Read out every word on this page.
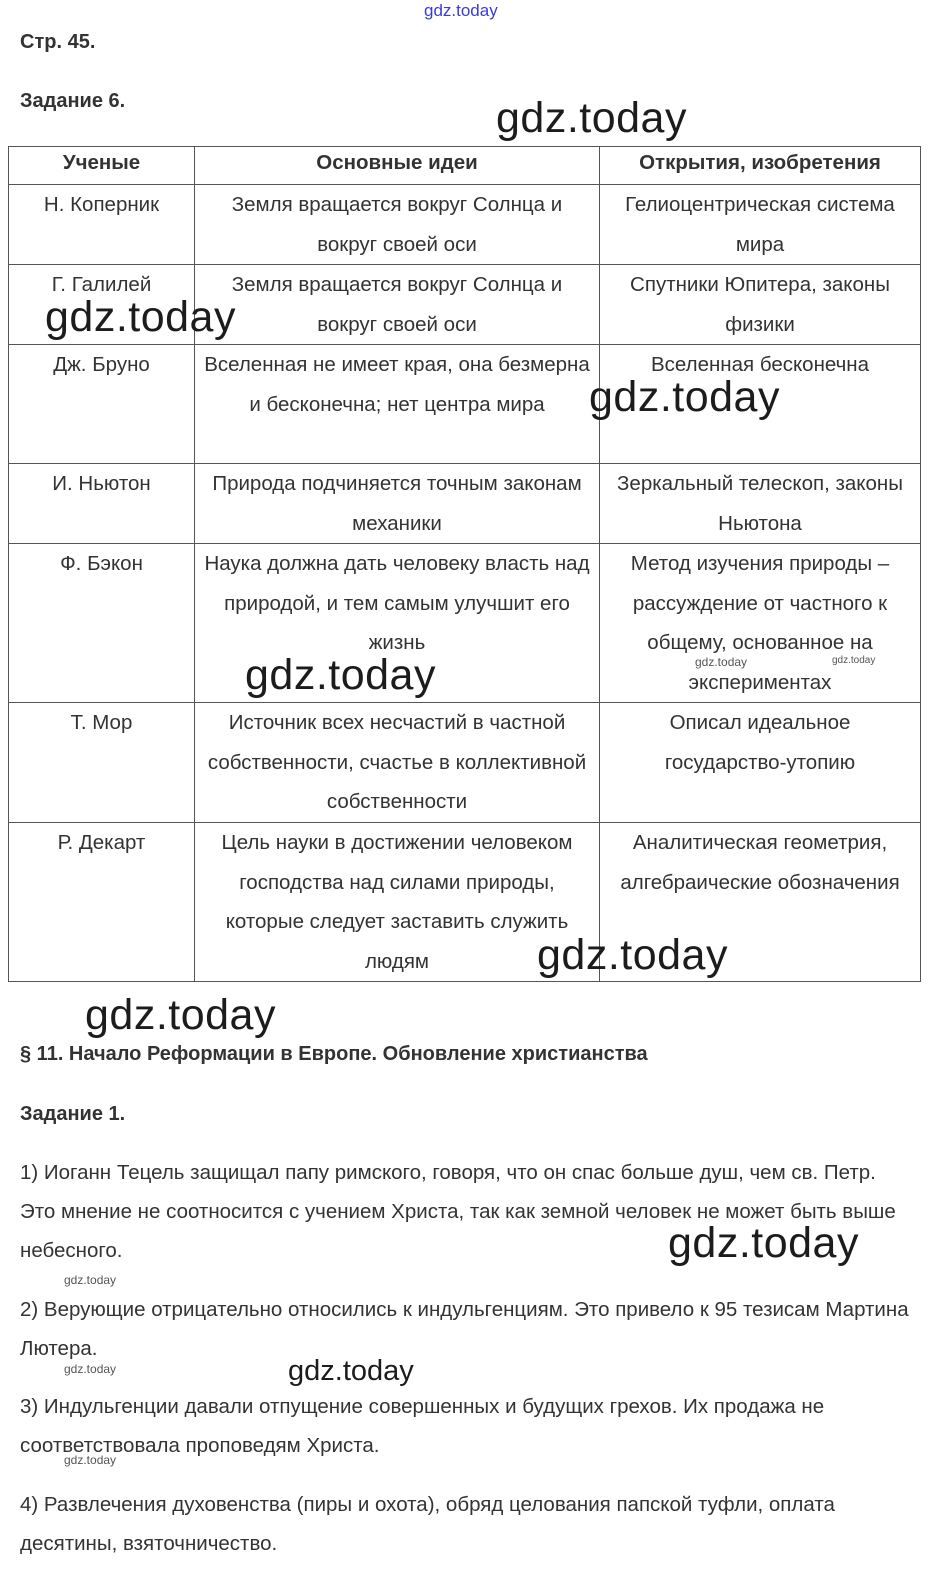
gdz.today
Стр. 45.
Задание 6.
Ученые	Основные идеи	Открытия, изобретения
Н. Коперник	Земля вращается вокруг Солнца и вокруг своей оси	Гелиоцентрическая система мира
Г. Галилей	Земля вращается вокруг Солнца и вокруг своей оси	Спутники Юпитера, законы физики
Дж. Бруно	Вселенная не имеет края, она безмерна и бесконечна; нет центра мира	Вселенная бесконечна
И. Ньютон	Природа подчиняется точным законам механики	Зеркальный телескоп, законы Ньютона
Ф. Бэкон	Наука должна дать человеку власть над природой, и тем самым улучшит его жизнь	Метод изучения природы – рассуждение от частного к общему, основанное на экспериментах
Т. Мор	Источник всех несчастий в частной собственности, счастье в коллективной собственности	Описал идеальное государство-утопию
Р. Декарт	Цель науки в достижении человеком господства над силами природы, которые следует заставить служить людям	Аналитическая геометрия, алгебраические обозначения
§ 11. Начало Реформации в Европе. Обновление христианства
Задание 1.
1) Иоганн Тецель защищал папу римского, говоря, что он спас больше душ, чем св. Петр. Это мнение не соотносится с учением Христа, так как земной человек не может быть выше небесного.
2) Верующие отрицательно относились к индульгенциям. Это привело к 95 тезисам Мартина Лютера.
3) Индульгенции давали отпущение совершенных и будущих грехов. Их продажа не соответствовала проповедям Христа.
4) Развлечения духовенства (пиры и охота), обряд целования папской туфли, оплата десятины, взяточничество.
gdz.today
gdz.today
gdz.today
gdz.today
gdz.today
gdz.today
gdz.today
gdz.today
gdz.today	gdz.today
gdz.today
gdz.today
gdz.today
